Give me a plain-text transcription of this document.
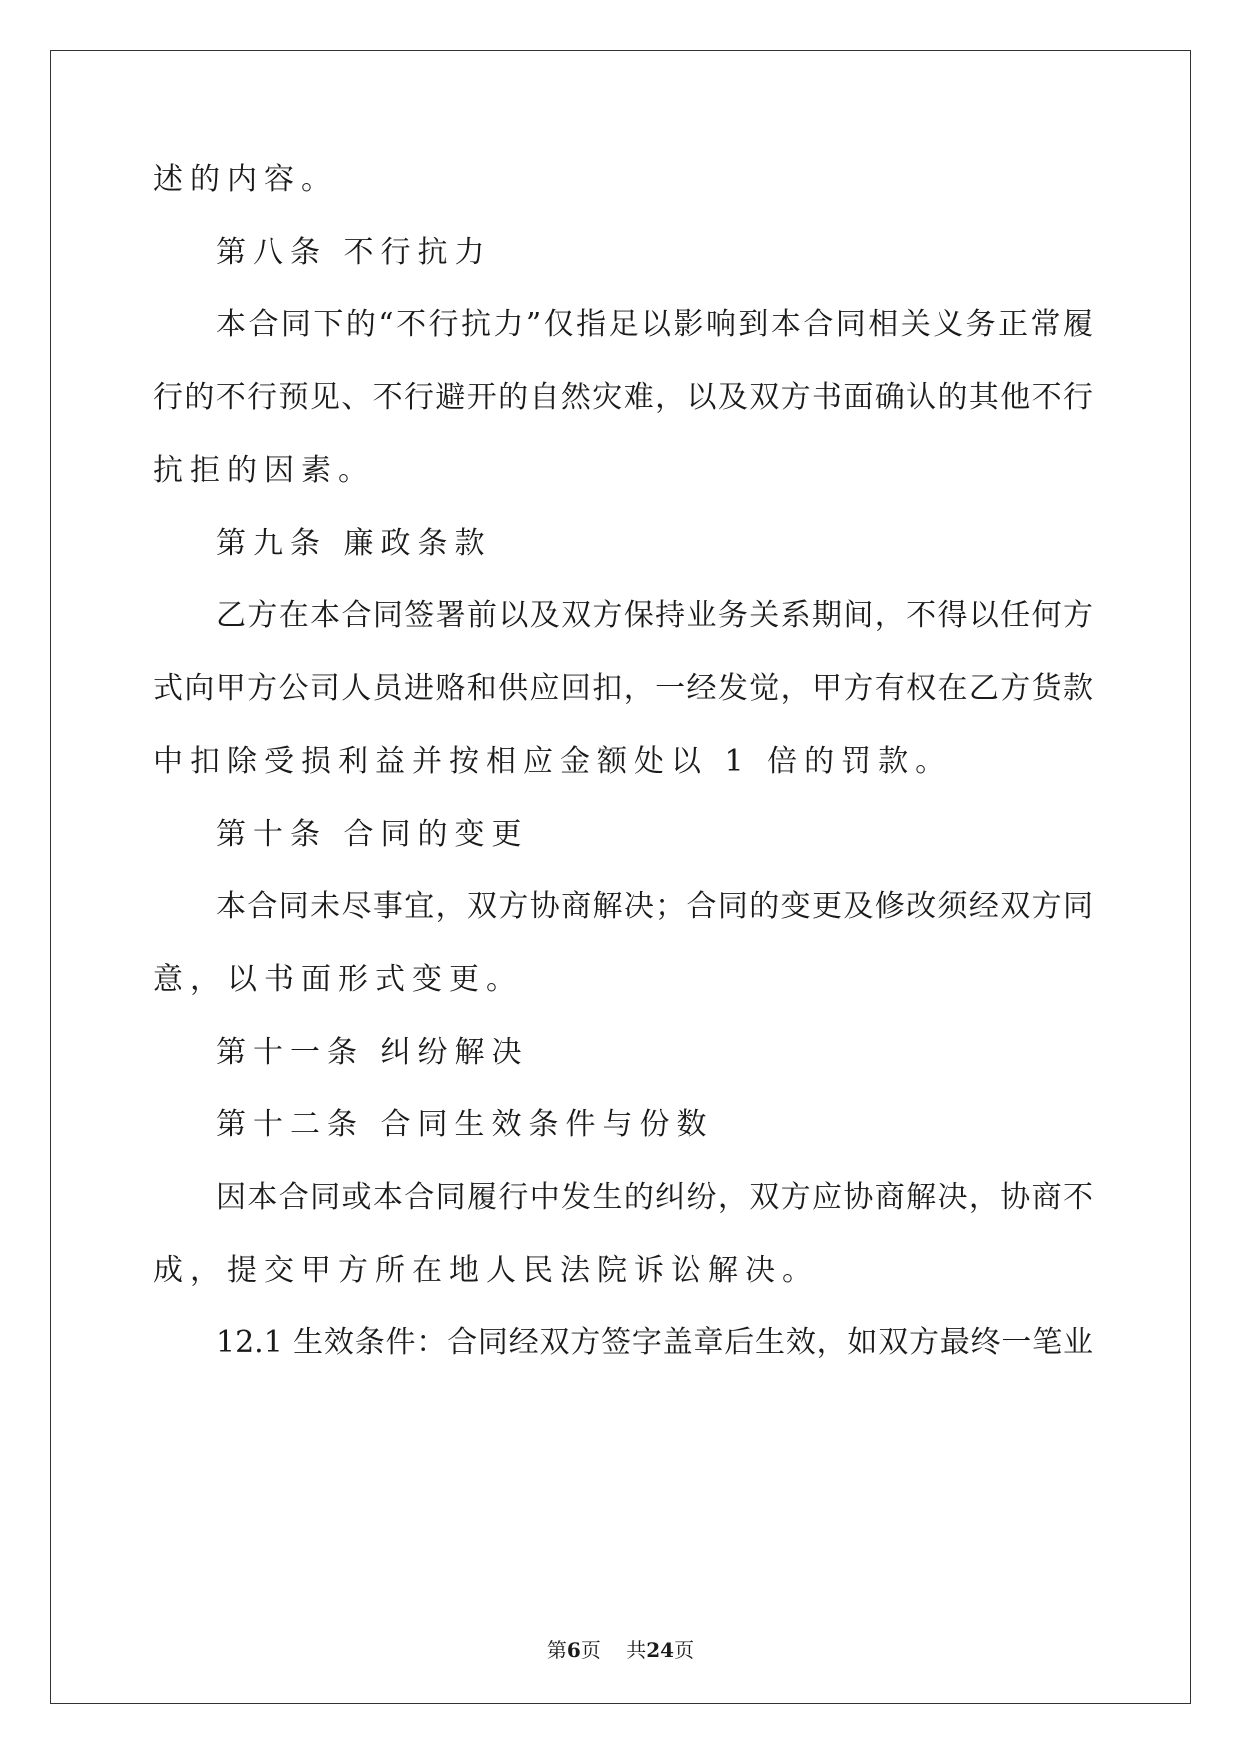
述的内容。
第八条 不行抗力
本合同下的“不行抗力”仅指足以影响到本合同相关义务正常履
行的不行预见、不行避开的自然灾难，以及双方书面确认的其他不行
抗拒的因素。
第九条 廉政条款
乙方在本合同签署前以及双方保持业务关系期间，不得以任何方
式向甲方公司人员进赂和供应回扣，一经发觉，甲方有权在乙方货款
中扣除受损利益并按相应金额处以 1 倍的罚款。
第十条 合同的变更
本合同未尽事宜，双方协商解决；合同的变更及修改须经双方同
意，以书面形式变更。
第十一条 纠纷解决
第十二条 合同生效条件与份数
因本合同或本合同履行中发生的纠纷，双方应协商解决，协商不
成，提交甲方所在地人民法院诉讼解决。
12.1 生效条件：合同经双方签字盖章后生效，如双方最终一笔业
第6页 共24页
